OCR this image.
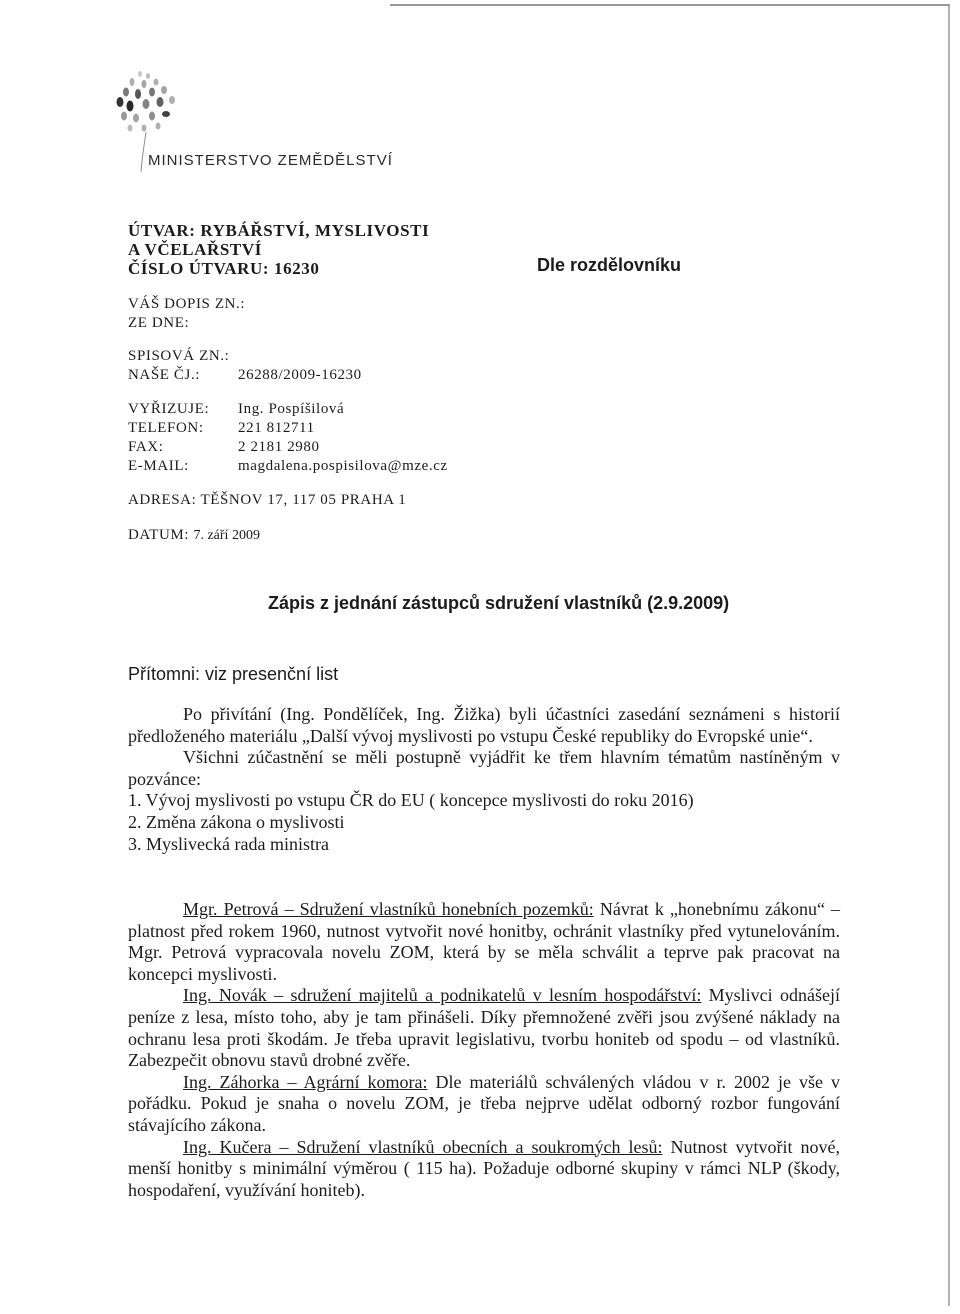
MINISTERSTVO ZEMĚDĚLSTVÍ
ÚTVAR: RYBÁŘSTVÍ, MYSLIVOSTI
A VČELAŘSTVÍ
ČÍSLO ÚTVARU: 16230	Dle rozdělovníku
VÁŠ DOPIS ZN.:
ZE DNE:
SPISOVÁ ZN.:
NAŠE ČJ.:	26288/2009-16230
VYŘIZUJE: Ing. Pospíšilová
TELEFON: 221 812711
FAX:	2 2181 2980
E-MAIL:	magdalena.pospisilova@mze.cz
ADRESA: TĚŠNOV 17, 117 05 PRAHA 1
DATUM: 7. září 2009
Zápis z jednání zástupců sdružení vlastníků (2.9.2009)
Přítomni: viz presenční list

Po přivítání (Ing. Pondělíček, Ing. Žižka) byli účastníci zasedání seznámeni s historií předloženého materiálu „Další vývoj myslivosti po vstupu České republiky do Evropské unie“.

Všichni zúčastnění se měli postupně vyjádřit ke třem hlavním tématům nastíněným v pozvánce:

1. Vývoj myslivosti po vstupu ČR do EU ( koncepce myslivosti do roku 2016)

2. Změna zákona o myslivosti

3. Myslivecká rada ministra

Mgr. Petrová – Sdružení vlastníků honebních pozemků: Návrat k „honebnímu zákonu“ – platnost před rokem 1960, nutnost vytvořit nové honitby, ochránit vlastníky před vytunelováním. Mgr. Petrová vypracovala novelu ZOM, která by se měla schválit a teprve pak pracovat na koncepci myslivosti.

Ing. Novák – sdružení majitelů a podnikatelů v lesním hospodářství: Myslivci odnášejí peníze z lesa, místo toho, aby je tam přinášeli. Díky přemnožené zvěři jsou zvýšené náklady na ochranu lesa proti škodám. Je třeba upravit legislativu, tvorbu honiteb od spodu – od vlastníků. Zabezpečit obnovu stavů drobné zvěře.

Ing. Záhorka – Agrární komora: Dle materiálů schválených vládou v r. 2002 je vše v pořádku. Pokud je snaha o novelu ZOM, je třeba nejprve udělat odborný rozbor fungování stávajícího zákona.

Ing. Kučera – Sdružení vlastníků obecních a soukromých lesů: Nutnost vytvořit nové, menší honitby s minimální výměrou ( 115 ha). Požaduje odborné skupiny v rámci NLP (škody, hospodaření, využívání honiteb).
